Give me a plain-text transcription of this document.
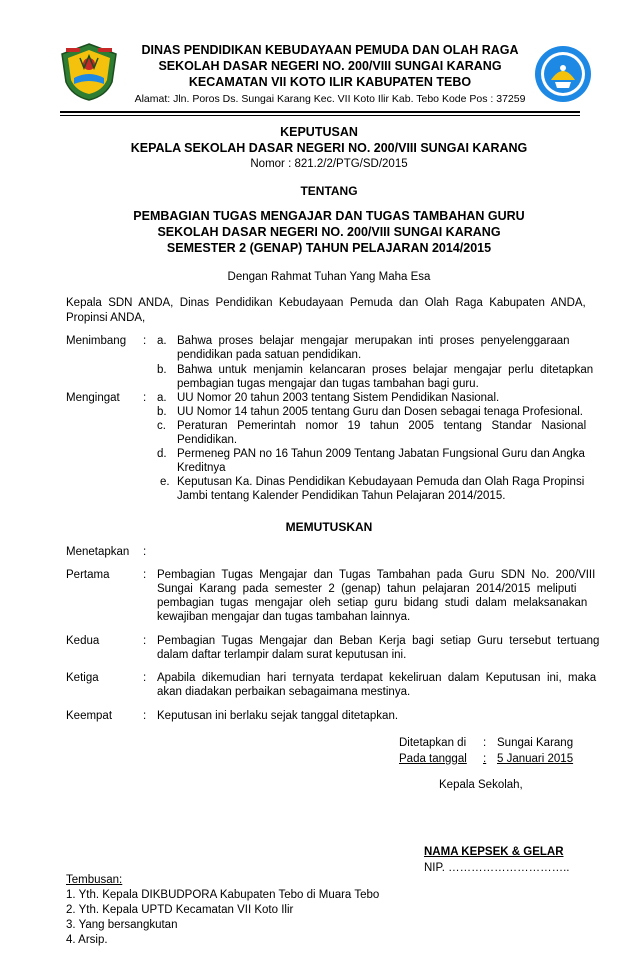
DINAS PENDIDIKAN KEBUDAYAAN PEMUDA DAN OLAH RAGA
SEKOLAH DASAR NEGERI NO. 200/VIII SUNGAI KARANG
KECAMATAN VII KOTO ILIR KABUPATEN TEBO
Alamat: Jln. Poros Ds. Sungai Karang Kec. VII Koto Ilir Kab. Tebo Kode Pos : 37259
KEPUTUSAN
KEPALA SEKOLAH DASAR NEGERI NO. 200/VIII SUNGAI KARANG
Nomor : 821.2/2/PTG/SD/2015
TENTANG
PEMBAGIAN TUGAS MENGAJAR DAN TUGAS TAMBAHAN GURU
SEKOLAH DASAR NEGERI NO. 200/VIII SUNGAI KARANG
SEMESTER 2 (GENAP) TAHUN PELAJARAN 2014/2015
Dengan Rahmat Tuhan Yang Maha Esa
Kepala  SDN  ANDA,  Dinas  Pendidikan  Kebudayaan  Pemuda  dan  Olah  Raga  Kabupaten  ANDA,
Propinsi ANDA,
Menimbang : a. Bahwa  proses  belajar  mengajar  merupakan  inti  proses  penyelenggaraan
pendidikan pada satuan pendidikan.
b. Bahwa  untuk  menjamin  kelancaran  proses  belajar  mengajar  perlu  ditetapkan
pembagian tugas mengajar dan tugas tambahan bagi guru.
Mengingat : a. UU Nomor 20 tahun 2003 tentang Sistem Pendidikan Nasional.
b. UU Nomor 14 tahun 2005 tentang Guru dan Dosen sebagai tenaga Profesional.
c. Peraturan   Pemerintah   nomor   19   tahun   2005   tentang   Standar   Nasional
Pendidikan.
d. Permeneg PAN no 16 Tahun 2009 Tentang Jabatan Fungsional Guru dan Angka
Kreditnya
e. Keputusan Ka. Dinas Pendidikan Kebudayaan Pemuda dan Olah Raga Propinsi
Jambi tentang Kalender Pendidikan Tahun Pelajaran 2014/2015.
MEMUTUSKAN
Menetapkan :
Pertama	: Pembagian  Tugas  Mengajar  dan  Tugas  Tambahan  pada  Guru  SDN  No.  200/VIII
Sungai  Karang  pada  semester  2  (genap)  tahun  pelajaran  2014/2015  meliputi
pembagian  tugas  mengajar  oleh  setiap  guru  bidang  studi  dalam  melaksanakan
kewajiban mengajar dan tugas tambahan lainnya.
Kedua	: Pembagian  Tugas  Mengajar  dan  Beban  Kerja  bagi  setiap  Guru  tersebut  tertuang
dalam daftar terlampir dalam surat keputusan ini.
Ketiga	: Apabila  dikemudian  hari  ternyata  terdapat  kekeliruan  dalam  Keputusan  ini,  maka
akan diadakan perbaikan sebagaimana mestinya.
Keempat	: Keputusan ini berlaku sejak tanggal ditetapkan.
Ditetapkan di : Sungai Karang
Pada tanggal	: 5 Januari 2015
Kepala Sekolah,
NAMA KEPSEK & GELAR
NIP. …………………………..
Tembusan:
1. Yth. Kepala DIKBUDPORA Kabupaten Tebo di Muara Tebo
2. Yth. Kepala UPTD Kecamatan VII Koto Ilir
3. Yang bersangkutan
4. Arsip.
